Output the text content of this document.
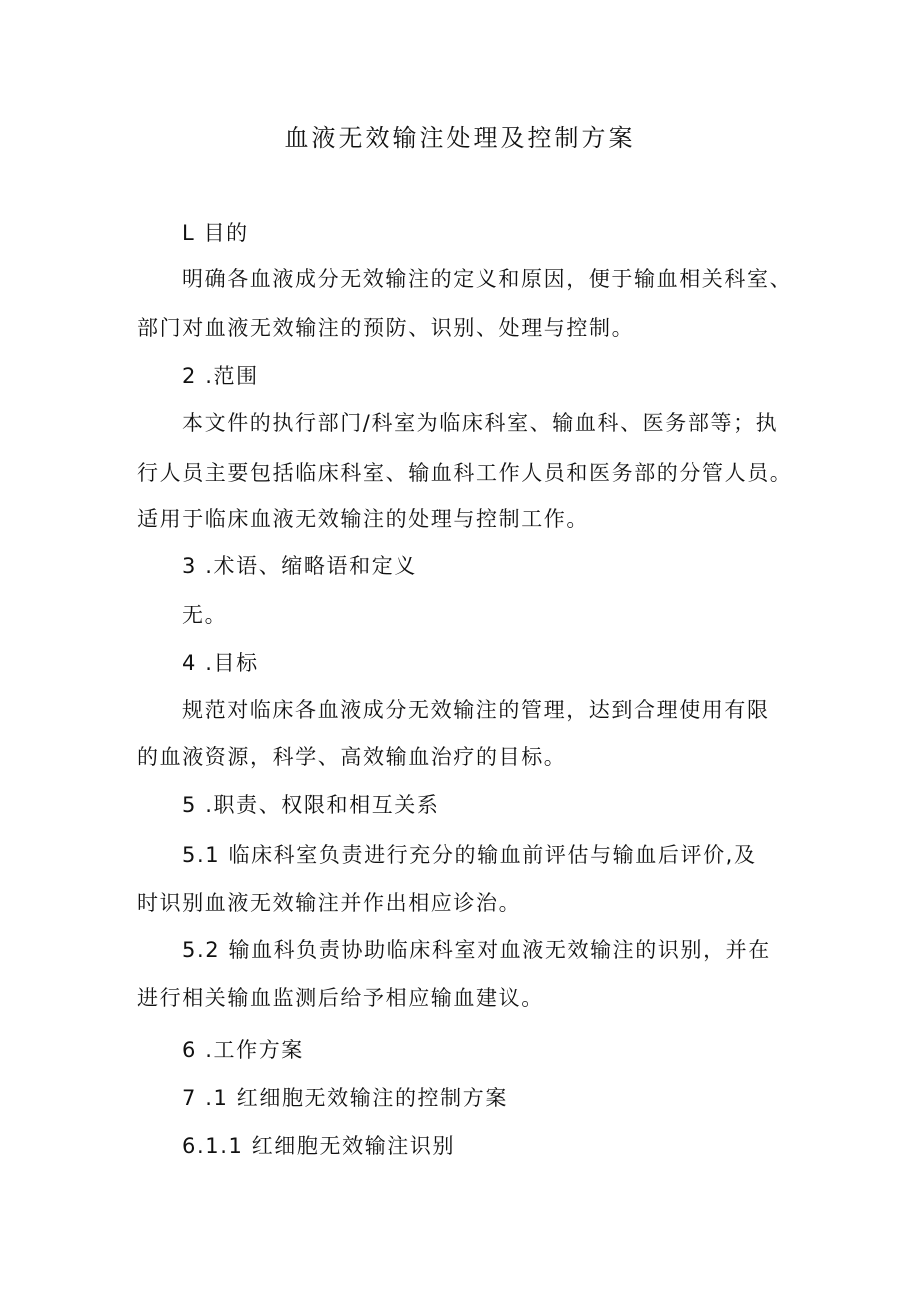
血液无效输注处理及控制方案
L 目的
明确各血液成分无效输注的定义和原因，便于输血相关科室、
部门对血液无效输注的预防、识别、处理与控制。
2 .范围
本文件的执行部门/科室为临床科室、输血科、医务部等；执
行人员主要包括临床科室、输血科工作人员和医务部的分管人员。
适用于临床血液无效输注的处理与控制工作。
3 .术语、缩略语和定义
无。
4 .目标
规范对临床各血液成分无效输注的管理，达到合理使用有限
的血液资源，科学、高效输血治疗的目标。
5 .职责、权限和相互关系
5.1 临床科室负责进行充分的输血前评估与输血后评价,及
时识别血液无效输注并作出相应诊治。
5.2 输血科负责协助临床科室对血液无效输注的识别，并在
进行相关输血监测后给予相应输血建议。
6 .工作方案
7 .1 红细胞无效输注的控制方案
6.1.1 红细胞无效输注识别
